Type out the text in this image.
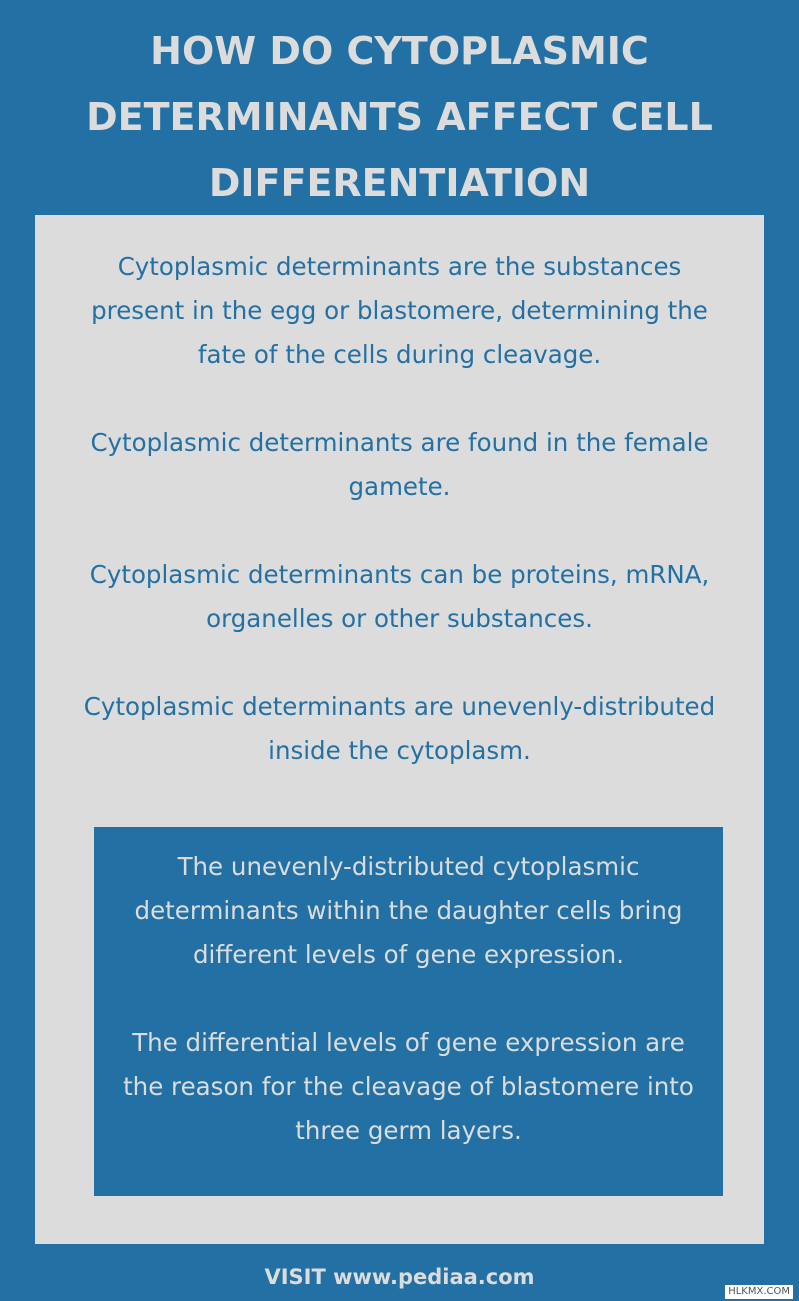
HOW DO CYTOPLASMIC
DETERMINANTS AFFECT CELL
DIFFERENTIATION

Cytoplasmic determinants are the substances present in the egg or blastomere, determining the fate of the cells during cleavage.

Cytoplasmic determinants are found in the female gamete.

Cytoplasmic determinants can be proteins, mRNA, organelles or other substances.

Cytoplasmic determinants are unevenly-distributed inside the cytoplasm.

The unevenly-distributed cytoplasmic determinants within the daughter cells bring different levels of gene expression.

The differential levels of gene expression are the reason for the cleavage of blastomere into three germ layers.

VISIT www.pediaa.com
HLKMX.COM
